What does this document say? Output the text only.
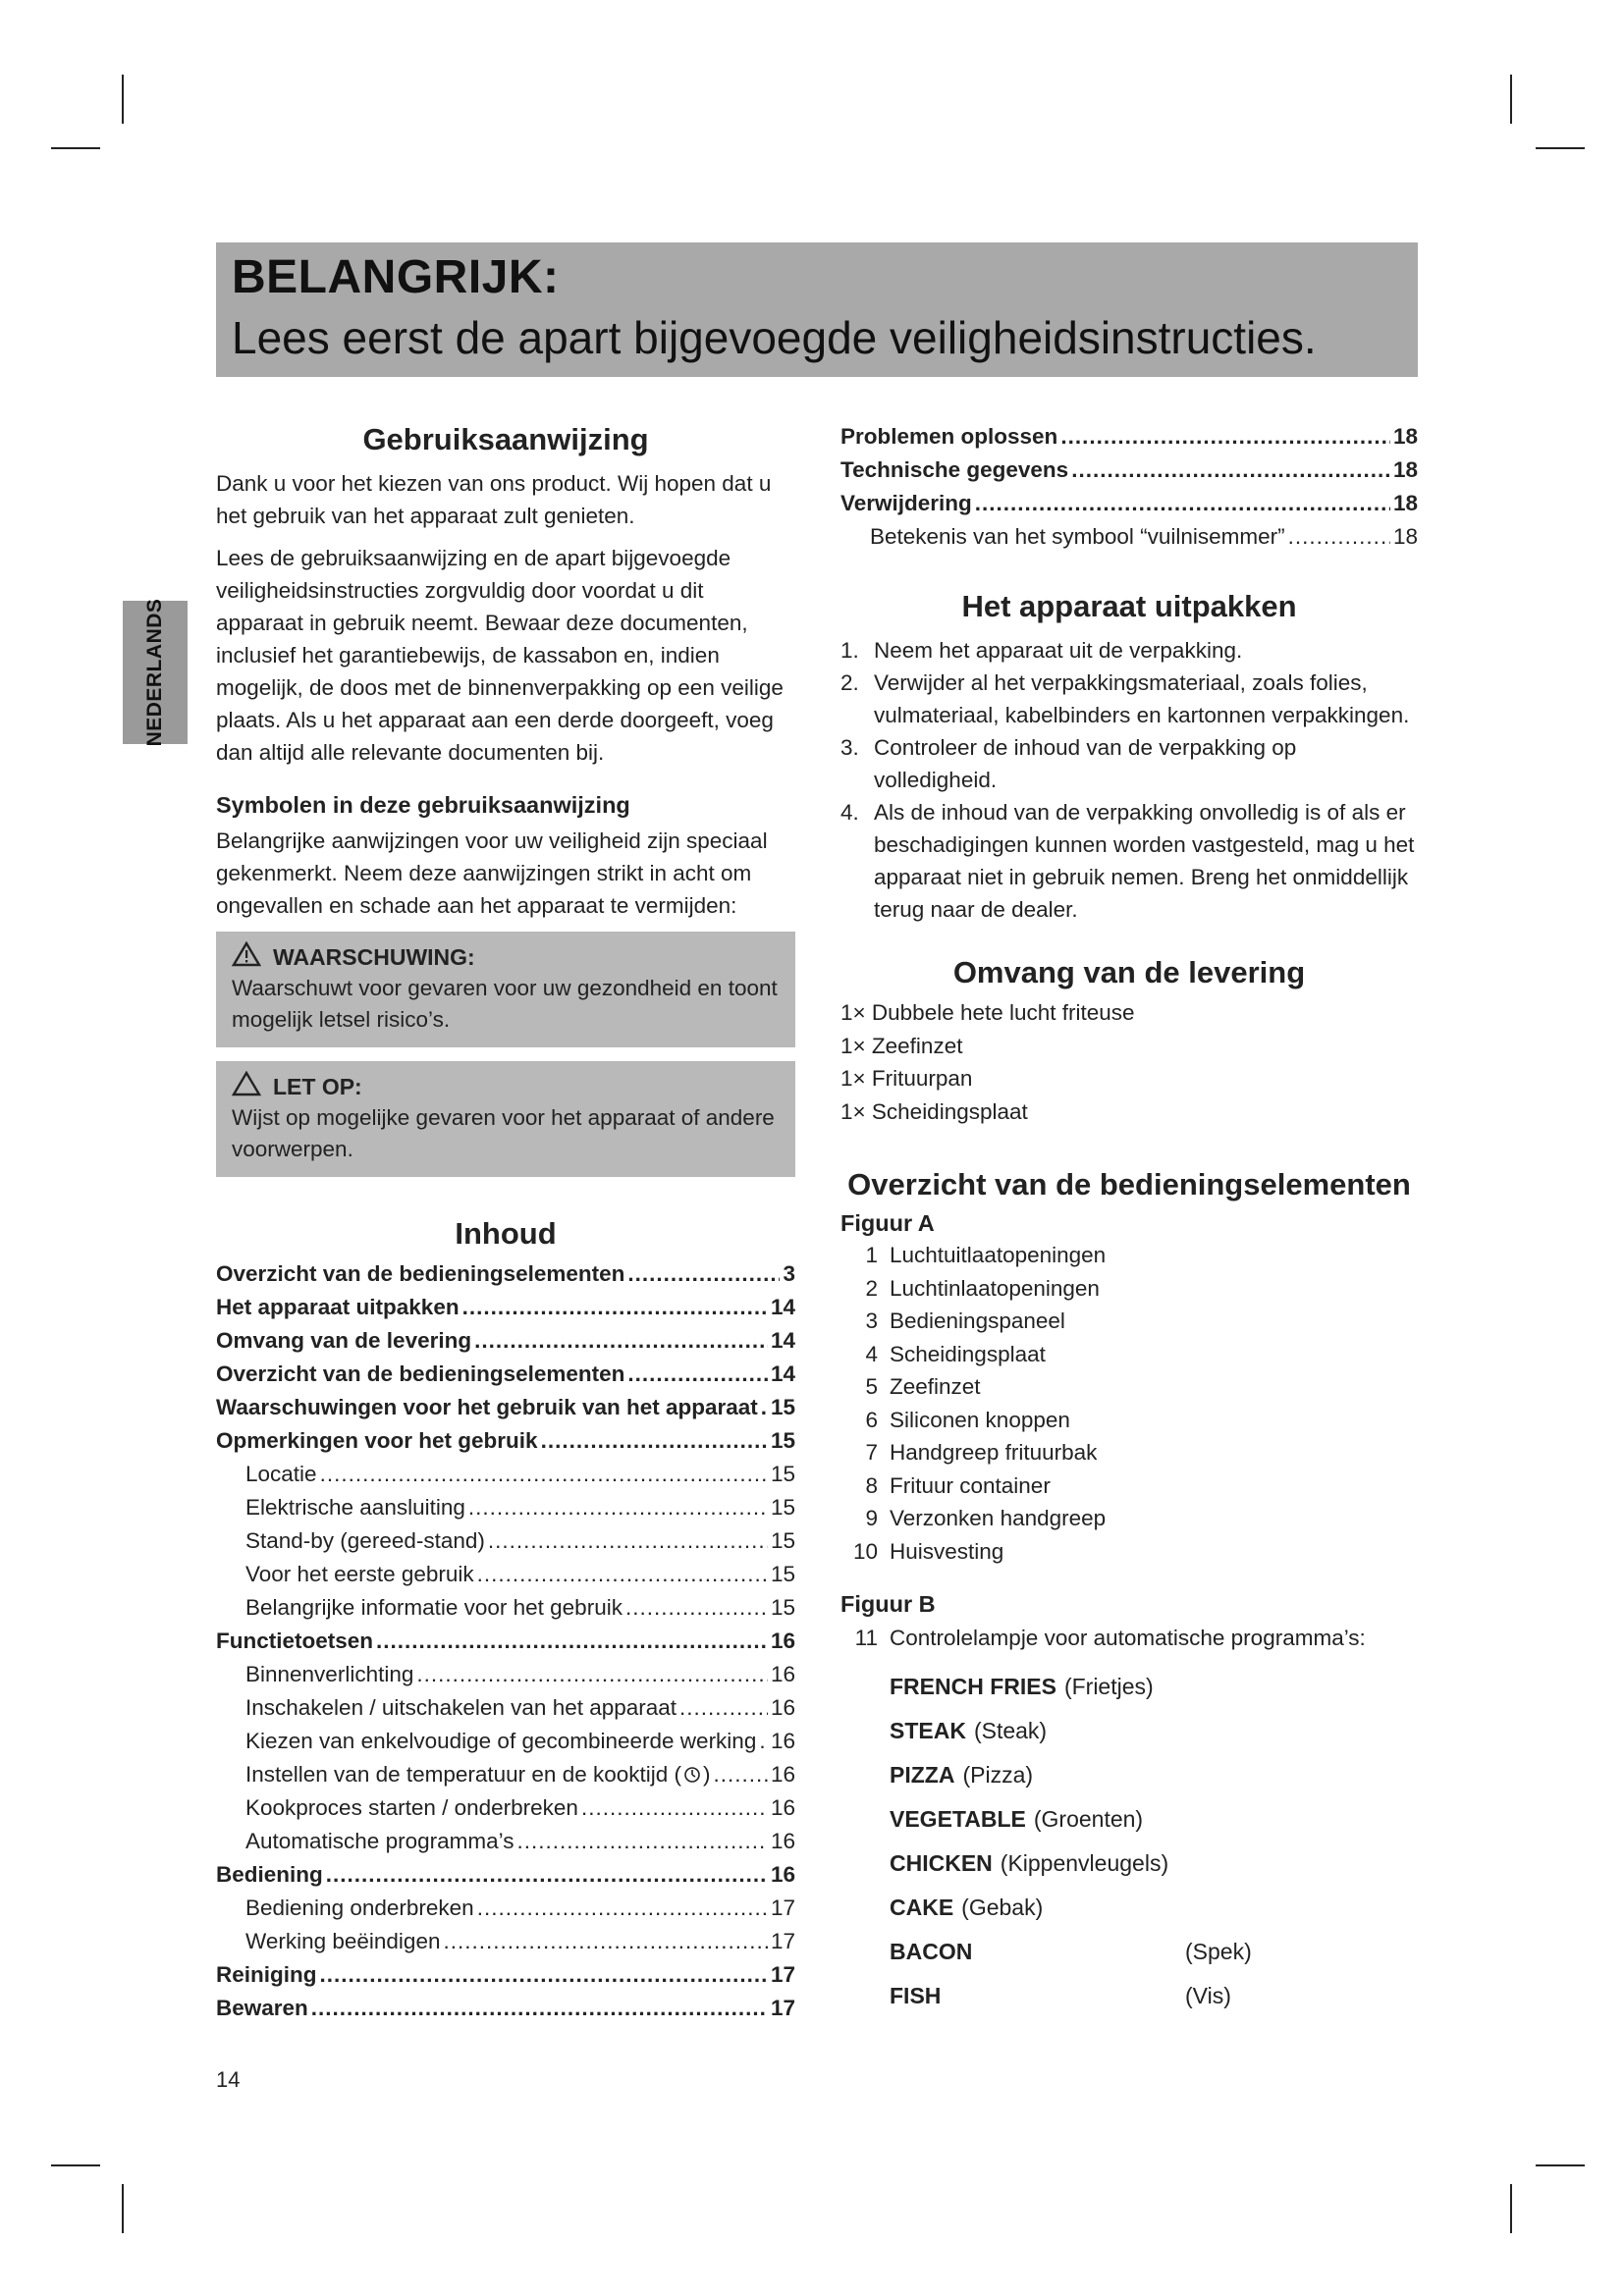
BELANGRIJK:
Lees eerst de apart bijgevoegde veiligheidsinstructies.
NEDERLANDS
Gebruiksaanwijzing
Dank u voor het kiezen van ons product. Wij hopen dat u het gebruik van het apparaat zult genieten.
Lees de gebruiksaanwijzing en de apart bijgevoegde veiligheidsinstructies zorgvuldig door voordat u dit apparaat in gebruik neemt. Bewaar deze documenten, inclusief het garantiebewijs, de kassabon en, indien mogelijk, de doos met de binnenverpakking op een veilige plaats. Als u het apparaat aan een derde doorgeeft, voeg dan altijd alle relevante documenten bij.
Symbolen in deze gebruiksaanwijzing
Belangrijke aanwijzingen voor uw veiligheid zijn speciaal gekenmerkt. Neem deze aanwijzingen strikt in acht om ongevallen en schade aan het apparaat te vermijden:
WAARSCHUWING:
Waarschuwt voor gevaren voor uw gezondheid en toont mogelijk letsel risico’s.
LET OP:
Wijst op mogelijke gevaren voor het apparaat of andere voorwerpen.
Inhoud
Overzicht van de bedieningselementen .....	3
Het apparaat uitpakken .....	14
Omvang van de levering .....	14
Overzicht van de bedieningselementen .....	14
Waarschuwingen voor het gebruik van het apparaat ..... 15
Opmerkingen voor het gebruik .....	15
Locatie .....	15
Elektrische aansluiting .....	15
Stand-by (gereed-stand) .....	15
Voor het eerste gebruik .....	15
Belangrijke informatie voor het gebruik .....	15
Functietoetsen .....	16
Binnenverlichting .....	16
Inschakelen / uitschakelen van het apparaat .....	16
Kiezen van enkelvoudige of gecombineerde werking ..... 16
Instellen van de temperatuur en de kooktijd ( ) .....	16
Kookproces starten / onderbreken .....	16
Automatische programma’s .....	16
Bediening .....	16
Bediening onderbreken .....	17
Werking beëindigen .....	17
Reiniging .....	17
Bewaren .....	17
Problemen oplossen .....	18
Technische gegevens .....	18
Verwijdering .....	18
Betekenis van het symbool “vuilnisemmer” .....	18
Het apparaat uitpakken
1. Neem het apparaat uit de verpakking.
2. Verwijder al het verpakkingsmateriaal, zoals folies, vulmateriaal, kabelbinders en kartonnen verpakkingen.
3. Controleer de inhoud van de verpakking op volledigheid.
4. Als de inhoud van de verpakking onvolledig is of als er beschadigingen kunnen worden vastgesteld, mag u het apparaat niet in gebruik nemen. Breng het onmiddellijk terug naar de dealer.
Omvang van de levering
1× Dubbele hete lucht friteuse
1× Zeefinzet
1× Frituurpan
1× Scheidingsplaat
Overzicht van de bedieningselementen
Figuur A
1 Luchtuitlaatopeningen
2 Luchtinlaatopeningen
3 Bedieningspaneel
4 Scheidingsplaat
5 Zeefinzet
6 Siliconen knoppen
7 Handgreep frituurbak
8 Frituur container
9 Verzonken handgreep
10 Huisvesting
Figuur B
11 Controlelampje voor automatische programma’s:
FRENCH FRIES (Frietjes)
STEAK (Steak)
PIZZA (Pizza)
VEGETABLE (Groenten)
CHICKEN (Kippenvleugels)
CAKE (Gebak)
BACON	(Spek)
FISH	(Vis)
14
